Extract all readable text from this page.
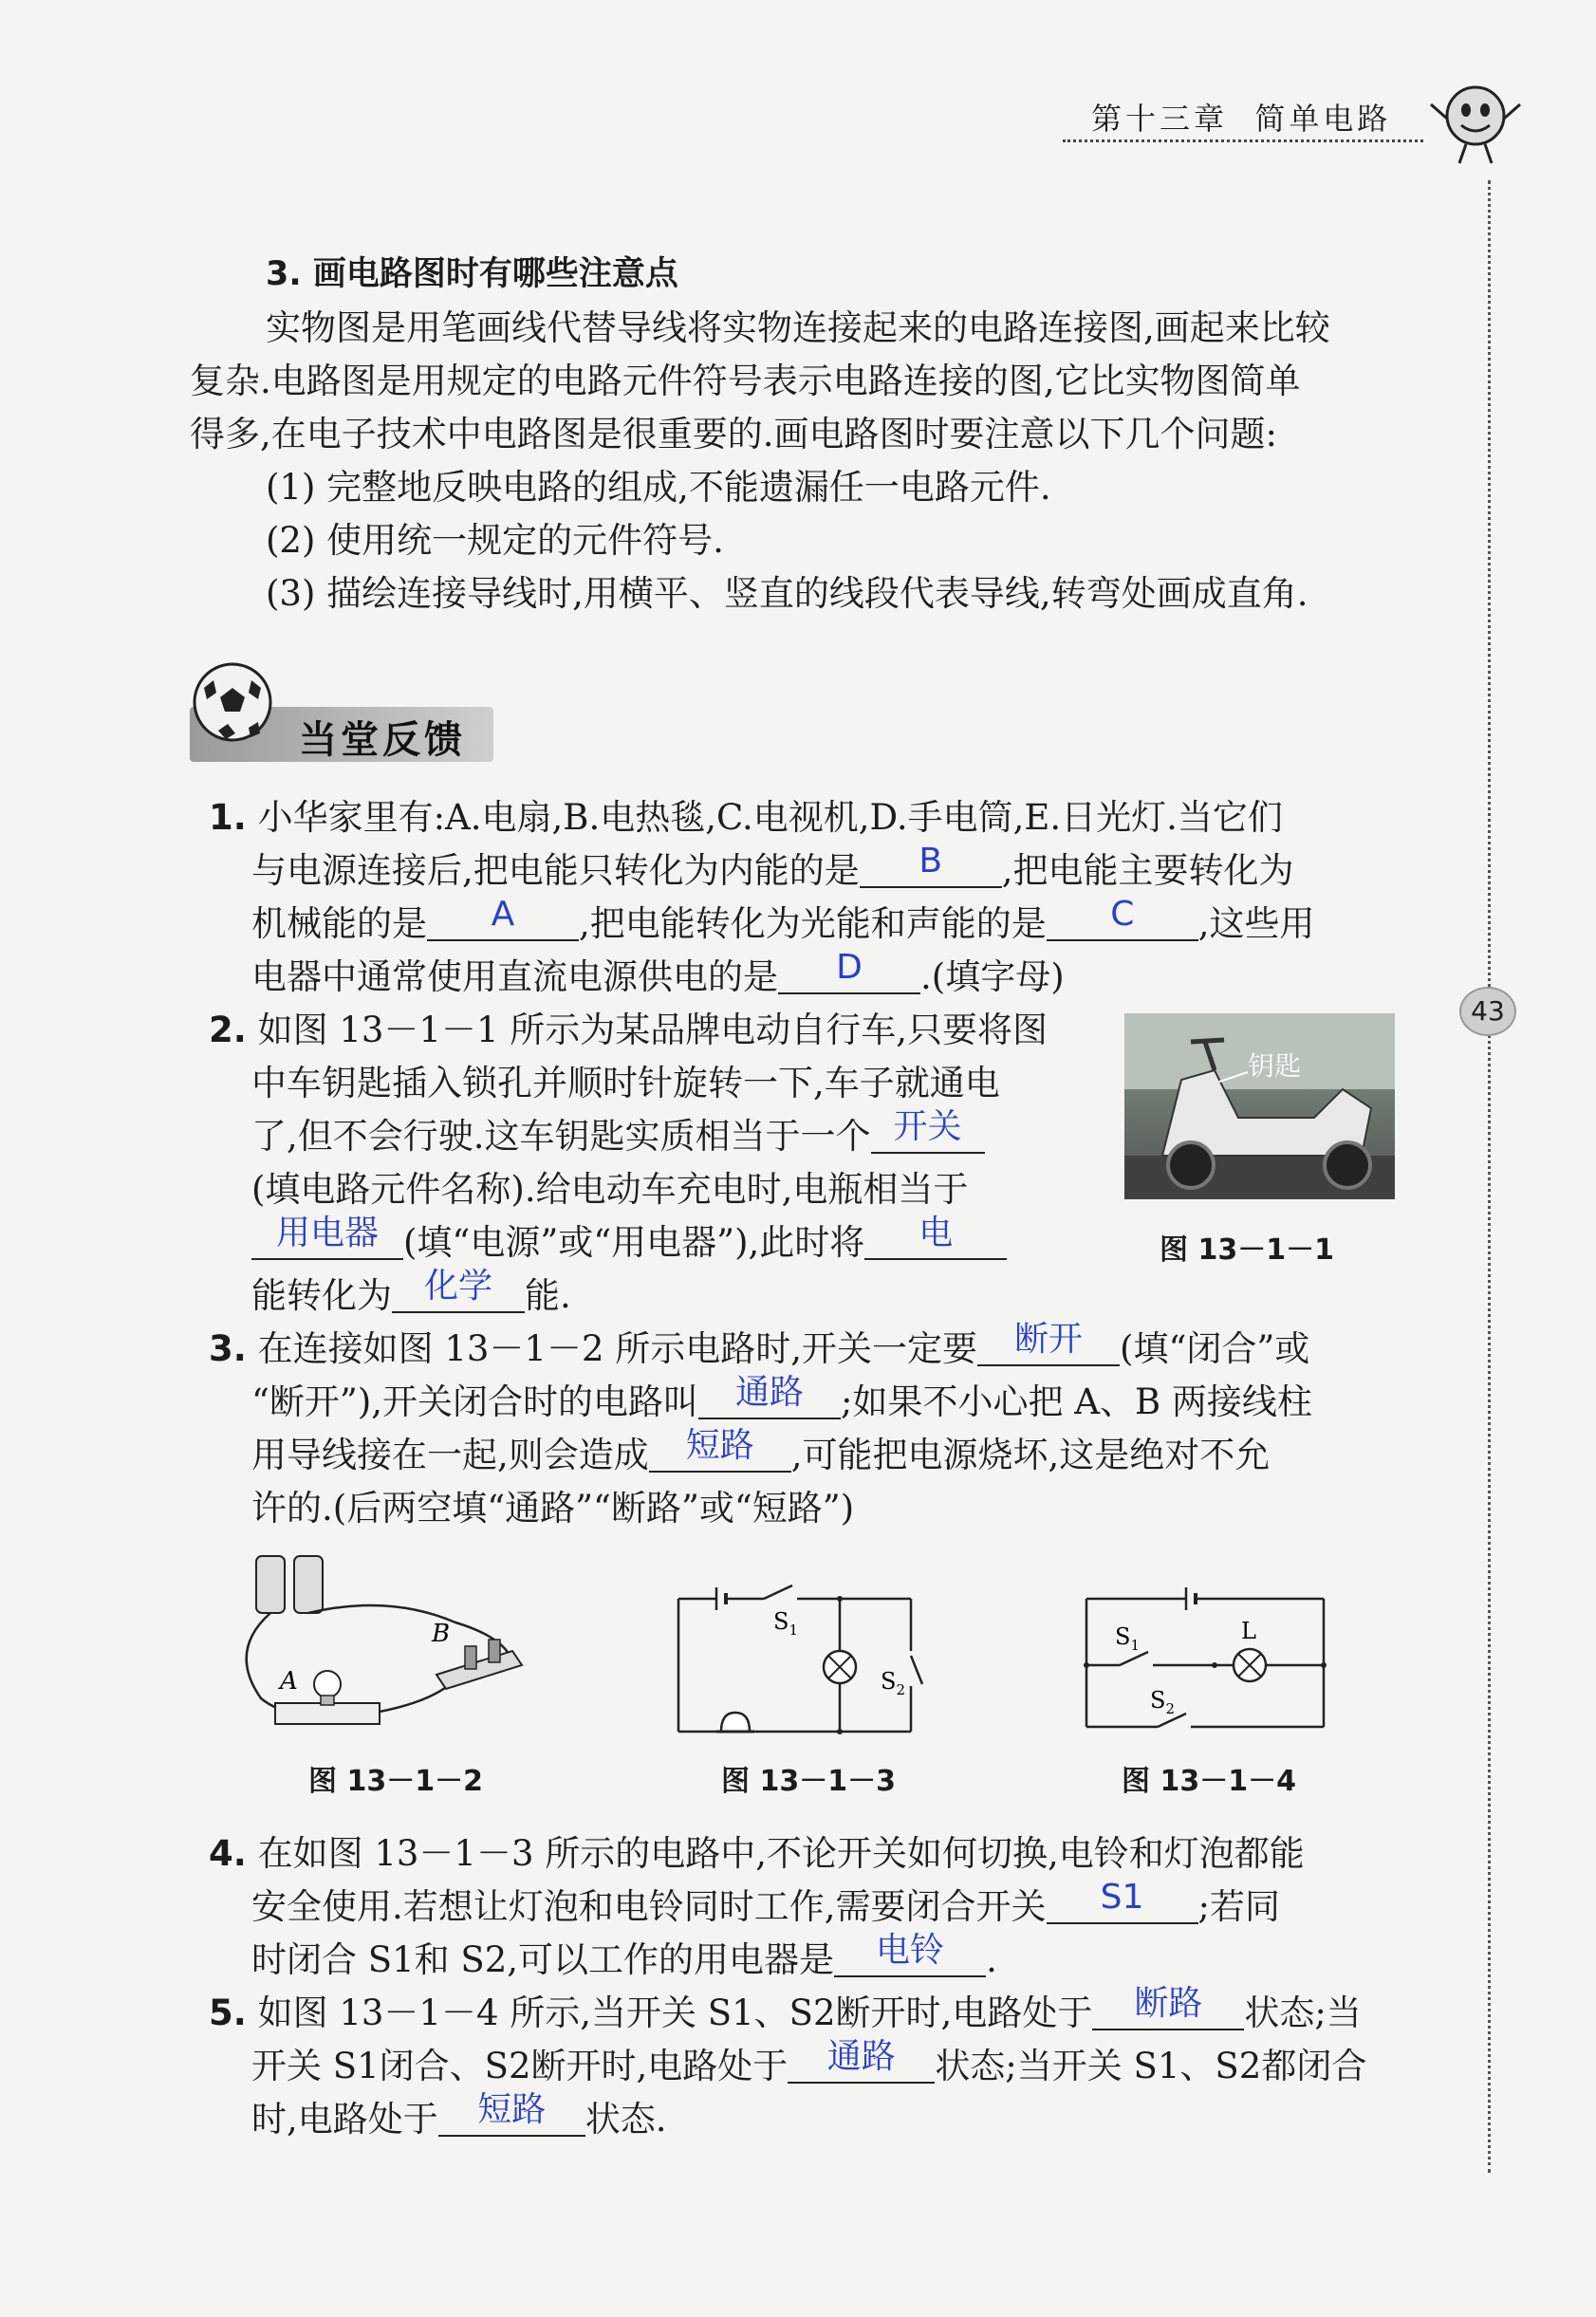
第十三章 简单电路
43
3. 画电路图时有哪些注意点
实物图是用笔画线代替导线将实物连接起来的电路连接图,画起来比较
复杂.电路图是用规定的电路元件符号表示电路连接的图,它比实物图简单
得多,在电子技术中电路图是很重要的.画电路图时要注意以下几个问题:
(1) 完整地反映电路的组成,不能遗漏任一电路元件.
(2) 使用统一规定的元件符号.
(3) 描绘连接导线时,用横平、竖直的线段代表导线,转弯处画成直角.
当堂反馈
1. 小华家里有:A.电扇,B.电热毯,C.电视机,D.手电筒,E.日光灯.当它们
与电源连接后,把电能只转化为内能的是	B	,把电能主要转化为
机械能的是	A	,把电能转化为光能和声能的是	C	,这些用
电器中通常使用直流电源供电的是	D	.(填字母)
2. 如图 13－1－1 所示为某品牌电动自行车,只要将图
中车钥匙插入锁孔并顺时针旋转一下,车子就通电
了,但不会行驶.这车钥匙实质相当于一个 开关
(填电路元件名称).给电动车充电时,电瓶相当于
用电器 (填“电源”或“用电器”),此时将	电
能转化为 化学 能.
钥匙
图 13－1－1
3. 在连接如图 13－1－2 所示电路时,开关一定要	断开	(填“闭合”或
“断开”),开关闭合时的电路叫	通路	;如果不小心把 A、B 两接线柱
用导线接在一起,则会造成	短路	,可能把电源烧坏,这是绝对不允
许的.(后两空填“通路”“断路”或“短路”)
A
B
图 13－1－2
$S_1$
$S_2$
图 13－1－3
$S_1$
$S_2$
L
图 13－1－4
4. 在如图 13－1－3 所示的电路中,不论开关如何切换,电铃和灯泡都能
安全使用.若想让灯泡和电铃同时工作,需要闭合开关	S1	;若同
时闭合 S1和 S2,可以工作的用电器是	电铃	.
5. 如图 13－1－4 所示,当开关 S1、S2断开时,电路处于	断路	状态;当
开关 S1闭合、S2断开时,电路处于	通路	状态;当开关 S1、S2都闭合
时,电路处于	短路	状态.
